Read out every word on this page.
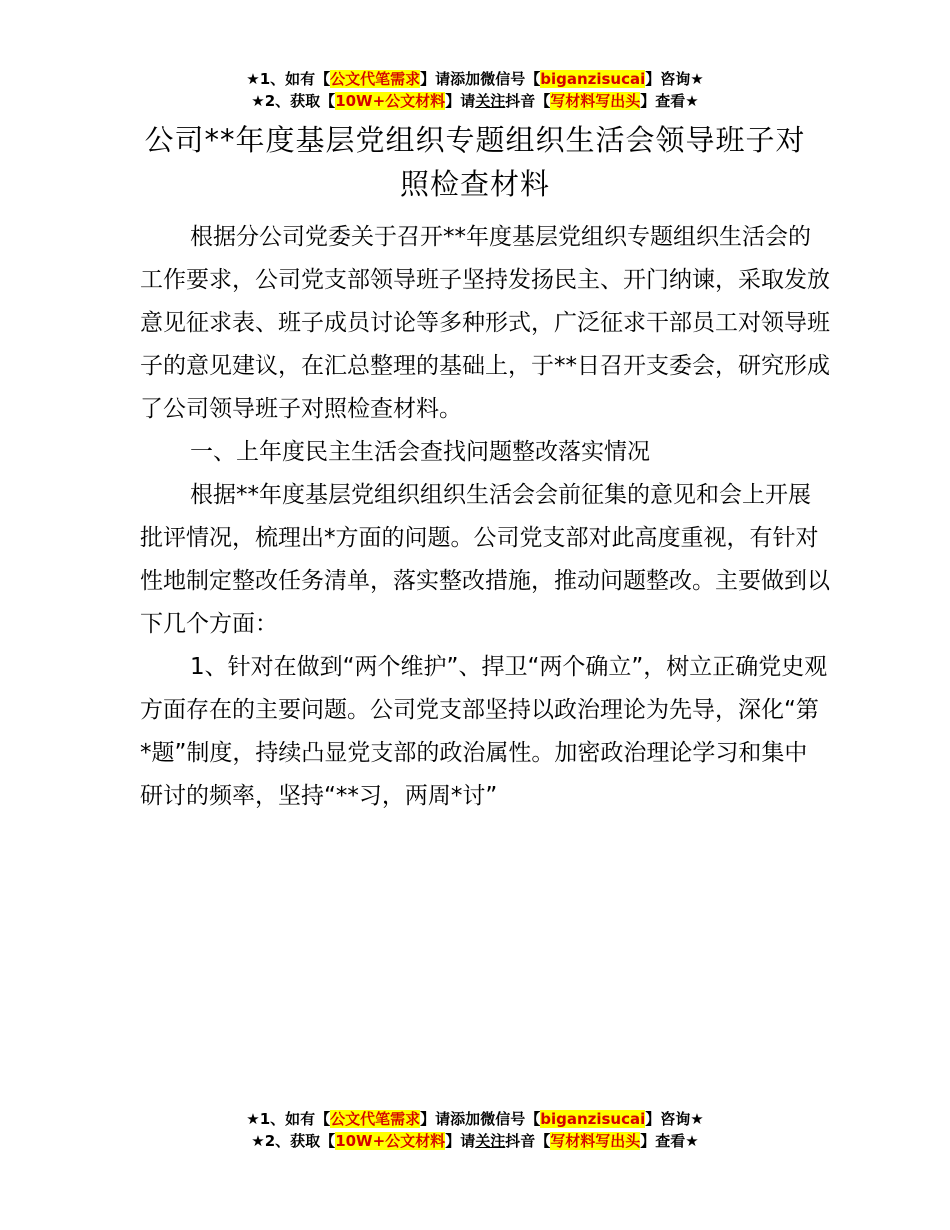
★1、如有【公文代笔需求】请添加微信号【biganzisucai】咨询★
★2、获取【10W+公文材料】请关注抖音【写材料写出头】查看★
公司**年度基层党组织专题组织生活会领导班子对照检查材料

根据分公司党委关于召开**年度基层党组织专题组织生活会的工作要求，公司党支部领导班子坚持发扬民主、开门纳谏，采取发放意见征求表、班子成员讨论等多种形式，广泛征求干部员工对领导班子的意见建议，在汇总整理的基础上，于**日召开支委会，研究形成了公司领导班子对照检查材料。

一、上年度民主生活会查找问题整改落实情况

根据**年度基层党组织组织生活会会前征集的意见和会上开展批评情况，梳理出*方面的问题。公司党支部对此高度重视，有针对性地制定整改任务清单，落实整改措施，推动问题整改。主要做到以下几个方面：

1、针对在做到“两个维护”、捍卫“两个确立”，树立正确党史观方面存在的主要问题。公司党支部坚持以政治理论为先导，深化“第*题”制度，持续凸显党支部的政治属性。加密政治理论学习和集中研讨的频率，坚持“**习，两周*讨”

★1、如有【公文代笔需求】请添加微信号【biganzisucai】咨询★
★2、获取【10W+公文材料】请关注抖音【写材料写出头】查看★
